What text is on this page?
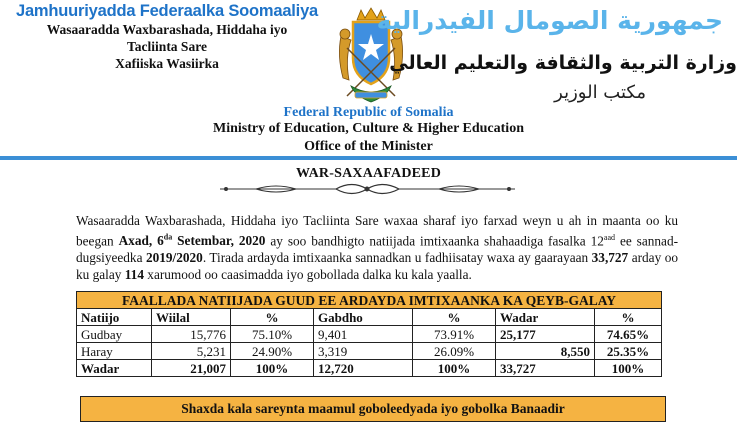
Jamhuuriyadda Federaalka Soomaaliya
Wasaaradda Waxbarashada, Hiddaha iyo
Tacliinta Sare
Xafiiska Wasiirka
جمهورية الصومال الفيدرالية
وزارة التربية والثقافة والتعليم العالي
مكتب الوزير
Federal Republic of Somalia
Ministry of Education, Culture & Higher Education
Office of the Minister
WAR-SAXAAFADEED
Wasaaradda Waxbarashada, Hiddaha iyo Tacliinta Sare waxaa sharaf iyo farxad weyn u ah in maanta oo ku beegan Axad, $6^{da}$ Setembar, 2020 ay soo bandhigto natiijada imtixaanka shahaadiga fasalka $12^{aad}$ ee sannad-dugsiyeedka 2019/2020. Tirada ardayda imtixaanka sannadkan u fadhiisatay waxa ay gaarayaan 33,727 arday oo ku galay 114 xarumood oo caasimadda iyo gobollada dalka ku kala yaalla.
FAALLADA NATIIJADA GUUD EE ARDAYDA IMTIXAANKA KA QEYB-GALAY						
Natiijo	Wiilal	%	Gabdho	%	Wadar	%
Gudbay	15,776	75.10%	9,401	73.91%	25,177	74.65%
Haray	5,231	24.90%	3,319	26.09%	8,550	25.35%
Wadar	21,007	100%	12,720	100%	33,727	100%
Shaxda kala sareynta maamul goboleedyada iyo gobolka Banaadir
